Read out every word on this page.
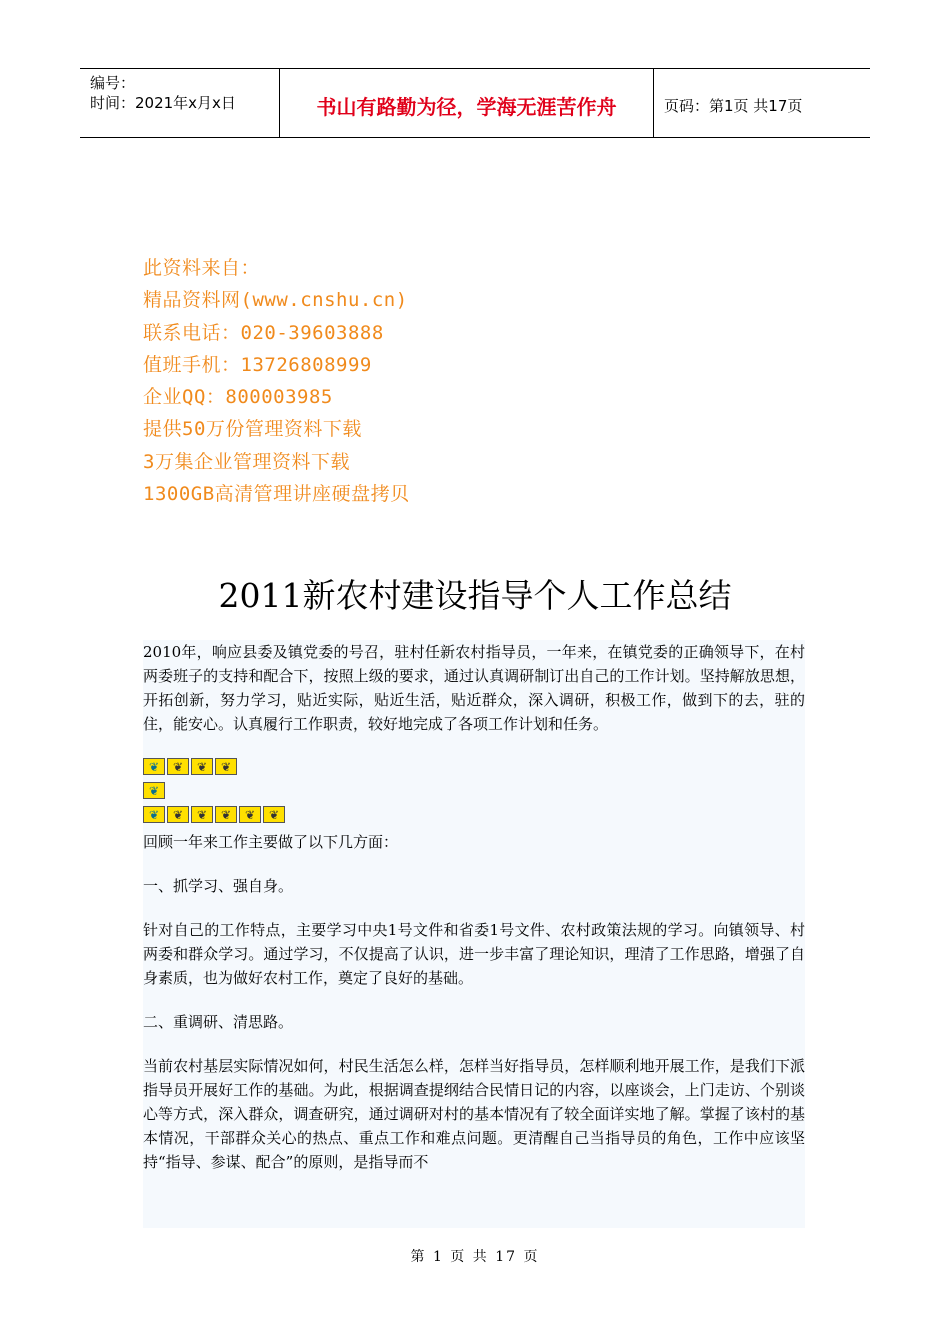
编号：
时间：2021年x月x日	书山有路勤为径，学海无涯苦作舟	页码：第1页 共17页
此资料来自：
精品资料网(www.cnshu.cn)
联系电话：020-39603888
值班手机：13726808999
企业QQ：800003985
提供50万份管理资料下载
3万集企业管理资料下载
1300GB高清管理讲座硬盘拷贝
2011新农村建设指导个人工作总结

2010年，响应县委及镇党委的号召，驻村任新农村指导员，一年来，在镇党委的正确领导下，在村两委班子的支持和配合下，按照上级的要求，通过认真调研制订出自己的工作计划。坚持解放思想，开拓创新，努力学习，贴近实际，贴近生活，贴近群众，深入调研，积极工作，做到下的去，驻的住，能安心。认真履行工作职责，较好地完成了各项工作计划和任务。

❦	❦	❦	❦
❦
❦	❦	❦	❦	❦	❦

回顾一年来工作主要做了以下几方面：

一、抓学习、强自身。

针对自己的工作特点，主要学习中央1号文件和省委1号文件、农村政策法规的学习。向镇领导、村两委和群众学习。通过学习，不仅提高了认识，进一步丰富了理论知识，理清了工作思路，增强了自身素质，也为做好农村工作，奠定了良好的基础。

二、重调研、清思路。

当前农村基层实际情况如何，村民生活怎么样，怎样当好指导员，怎样顺利地开展工作，是我们下派指导员开展好工作的基础。为此，根据调查提纲结合民情日记的内容，以座谈会，上门走访、个别谈心等方式，深入群众，调查研究，通过调研对村的基本情况有了较全面详实地了解。掌握了该村的基本情况，干部群众关心的热点、重点工作和难点问题。更清醒自己当指导员的角色，工作中应该坚持“指导、参谋、配合”的原则，是指导而不

第 1 页 共 17 页
